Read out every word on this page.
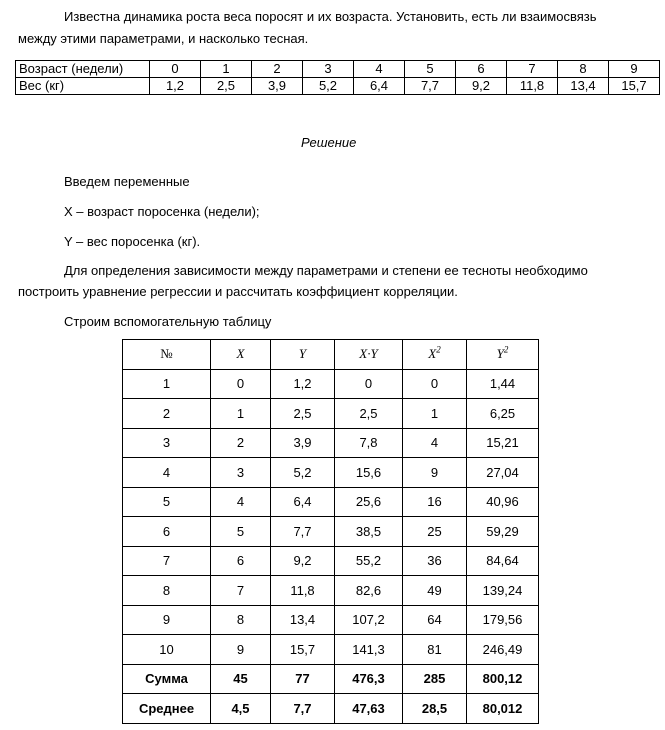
Известна динамика роста веса поросят и их возраста. Установить, есть ли взаимосвязь
между этими параметрами, и насколько тесная.
Возраст (недели)	0	1	2	3	4	5	6	7	8	9
Вес (кг)	1,2	2,5	3,9	5,2	6,4	7,7	9,2	11,8	13,4	15,7
Решение
Введем переменные
X – возраст поросенка (недели);
Y – вес поросенка (кг).
Для определения зависимости между параметрами и степени ее тесноты необходимо
построить уравнение регрессии и рассчитать коэффициент корреляции.
Строим вспомогательную таблицу
№	X	Y	X·Y	$X^2$	$Y^2$
1	0	1,2	0	0	1,44
2	1	2,5	2,5	1	6,25
3	2	3,9	7,8	4	15,21
4	3	5,2	15,6	9	27,04
5	4	6,4	25,6	16	40,96
6	5	7,7	38,5	25	59,29
7	6	9,2	55,2	36	84,64
8	7	11,8	82,6	49	139,24
9	8	13,4	107,2	64	179,56
10	9	15,7	141,3	81	246,49
Сумма	45	77	476,3	285	800,12
Среднее	4,5	7,7	47,63	28,5	80,012
